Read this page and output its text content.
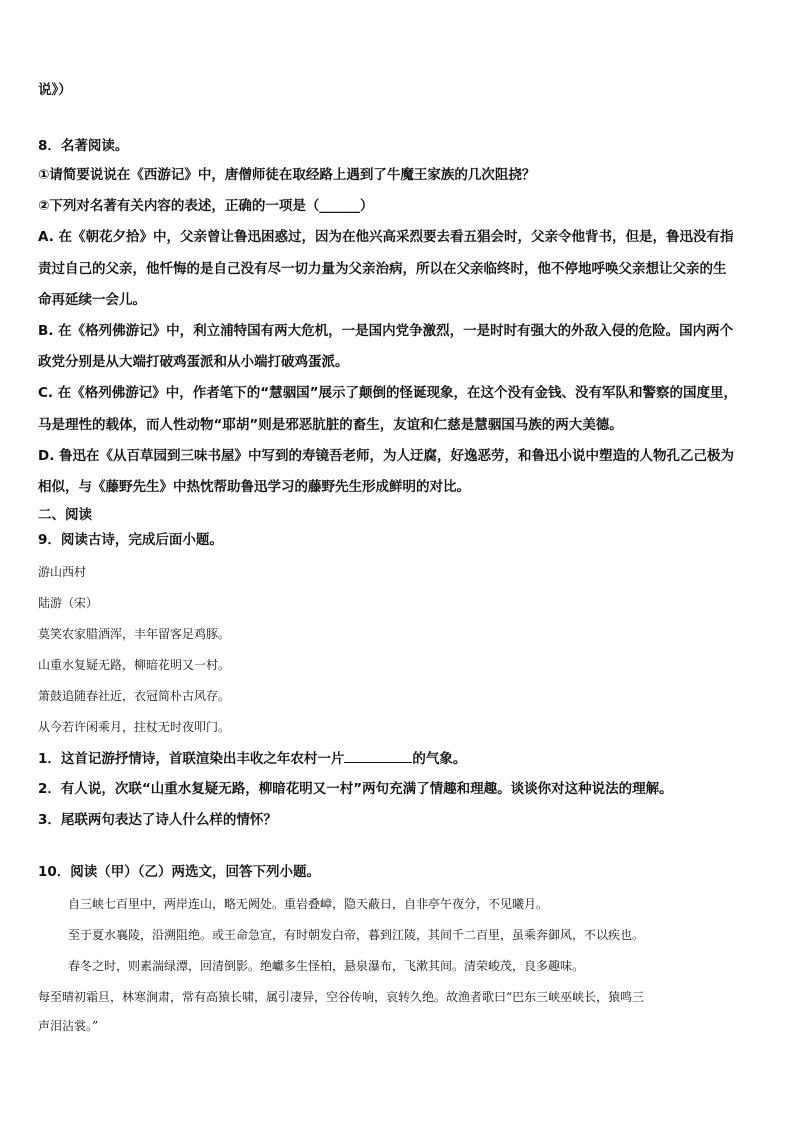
说》）
8．名著阅读。
①请简要说说在《西游记》中，唐僧师徒在取经路上遇到了牛魔王家族的几次阻挠？
②下列对名著有关内容的表述，正确的一项是（______）
A. 在《朝花夕拾》中，父亲曾让鲁迅困惑过，因为在他兴高采烈要去看五猖会时，父亲令他背书，但是，鲁迅没有指
责过自己的父亲，他忏悔的是自己没有尽一切力量为父亲治病，所以在父亲临终时，他不停地呼唤父亲想让父亲的生
命再延续一会儿。
B. 在《格列佛游记》中，利立浦特国有两大危机，一是国内党争激烈，一是时时有强大的外敌入侵的危险。国内两个
政党分别是从大端打破鸡蛋派和从小端打破鸡蛋派。
C. 在《格列佛游记》中，作者笔下的“慧骃国”展示了颠倒的怪诞现象，在这个没有金钱、没有军队和警察的国度里，
马是理性的载体，而人性动物“耶胡”则是邪恶肮脏的畜生，友谊和仁慈是慧骃国马族的两大美德。
D. 鲁迅在《从百草园到三味书屋》中写到的寿镜吾老师，为人迂腐，好逸恶劳，和鲁迅小说中塑造的人物孔乙己极为
相似，与《藤野先生》中热忱帮助鲁迅学习的藤野先生形成鲜明的对比。
二、阅读
9．阅读古诗，完成后面小题。
游山西村
陆游（宋）
莫笑农家腊酒浑，丰年留客足鸡豚。
山重水复疑无路，柳暗花明又一村。
箫鼓追随春社近，衣冠简朴古风存。
从今若许闲乘月，拄杖无时夜叩门。
1．这首记游抒情诗，首联渲染出丰收之年农村一片	的气象。
2．有人说，次联“山重水复疑无路，柳暗花明又一村”两句充满了情趣和理趣。谈谈你对这种说法的理解。
3．尾联两句表达了诗人什么样的情怀？
10．阅读（甲）（乙）两选文，回答下列小题。
自三峡七百里中，两岸连山，略无阙处。重岩叠嶂，隐天蔽日，自非亭午夜分，不见曦月。
至于夏水襄陵，沿溯阻绝。或王命急宣，有时朝发白帝，暮到江陵，其间千二百里，虽乘奔御风，不以疾也。
春冬之时，则素湍绿潭，回清倒影。绝巘多生怪柏，悬泉瀑布，飞漱其间。清荣峻茂，良多趣味。
每至晴初霜旦，林寒涧肃，常有高猿长啸，属引凄异，空谷传响，哀转久绝。故渔者歌曰“巴东三峡巫峡长，猿鸣三
声泪沾裳。”
